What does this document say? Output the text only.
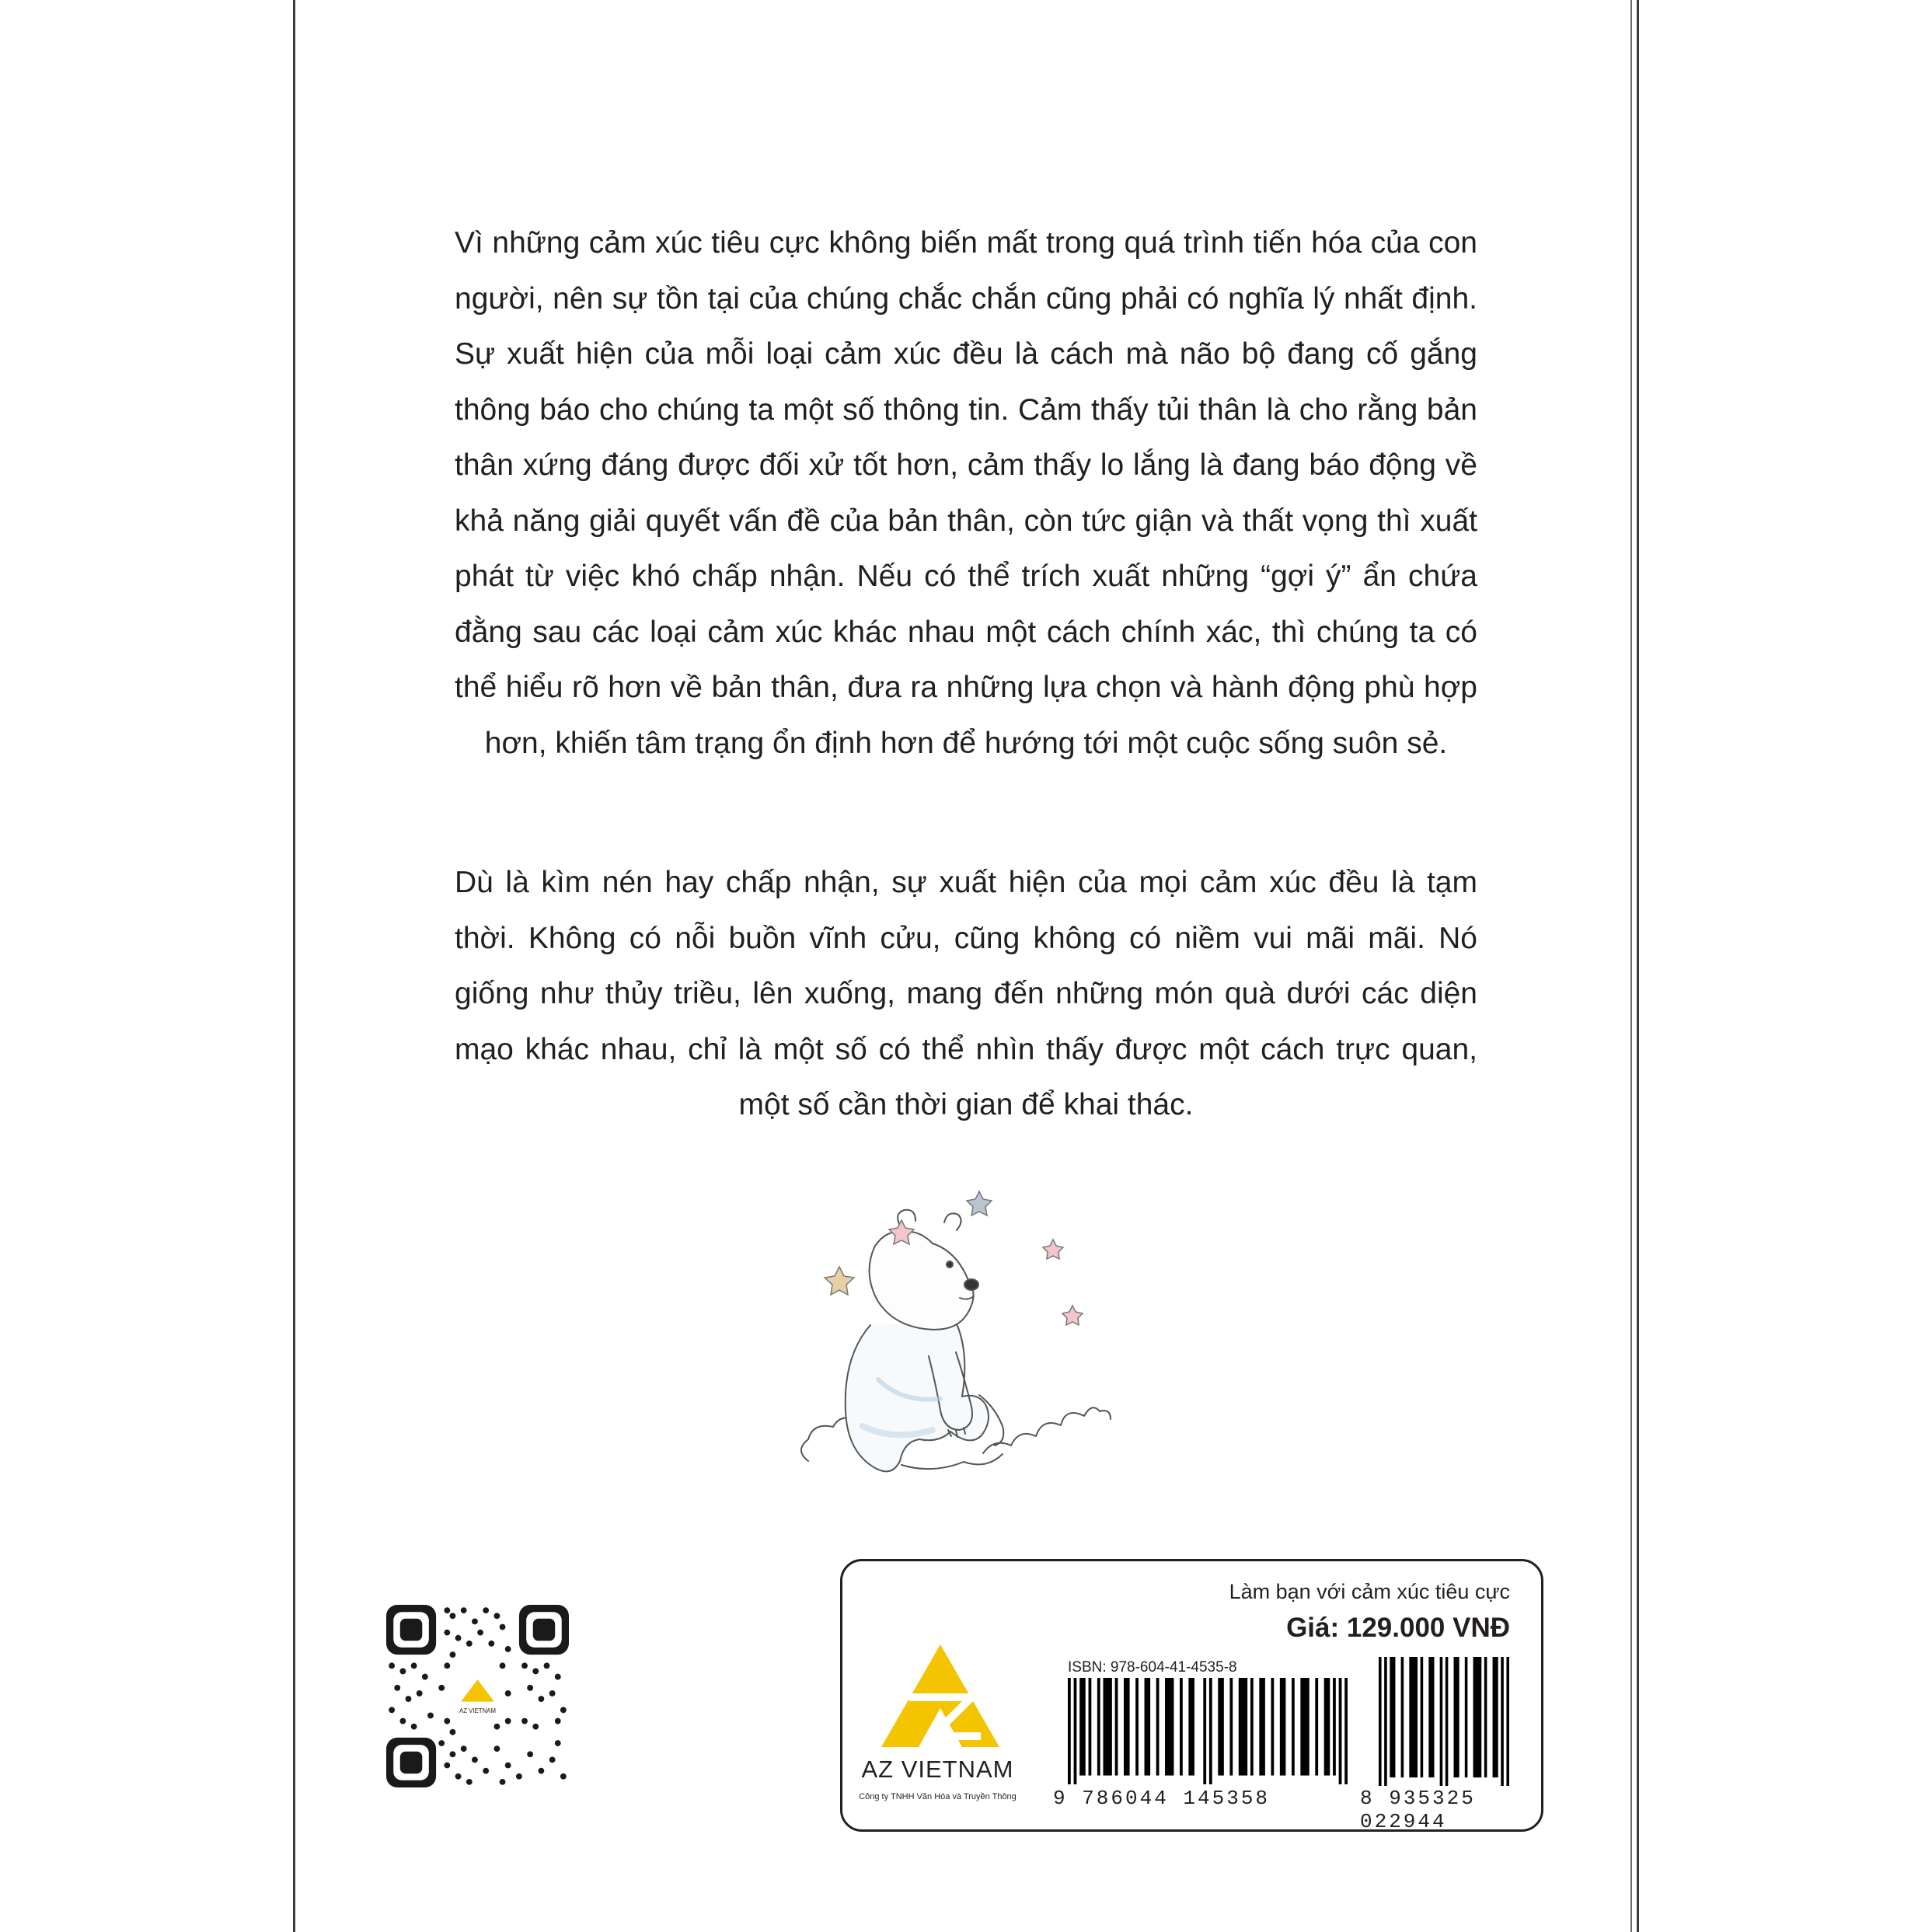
Vì những cảm xúc tiêu cực không biến mất trong quá trình tiến hóa của con người, nên sự tồn tại của chúng chắc chắn cũng phải có nghĩa lý nhất định. Sự xuất hiện của mỗi loại cảm xúc đều là cách mà não bộ đang cố gắng thông báo cho chúng ta một số thông tin. Cảm thấy tủi thân là cho rằng bản thân xứng đáng được đối xử tốt hơn, cảm thấy lo lắng là đang báo động về khả năng giải quyết vấn đề của bản thân, còn tức giận và thất vọng thì xuất phát từ việc khó chấp nhận. Nếu có thể trích xuất những “gợi ý” ẩn chứa đằng sau các loại cảm xúc khác nhau một cách chính xác, thì chúng ta có thể hiểu rõ hơn về bản thân, đưa ra những lựa chọn và hành động phù hợp hơn, khiến tâm trạng ổn định hơn để hướng tới một cuộc sống suôn sẻ.

Dù là kìm nén hay chấp nhận, sự xuất hiện của mọi cảm xúc đều là tạm thời. Không có nỗi buồn vĩnh cửu, cũng không có niềm vui mãi mãi. Nó giống như thủy triều, lên xuống, mang đến những món quà dưới các diện mạo khác nhau, chỉ là một số có thể nhìn thấy được một cách trực quan, một số cần thời gian để khai thác.

AZ VIETNAM
Làm bạn với cảm xúc tiêu cực
Giá: 129.000 VNĐ
AZ VIETNAM
Công ty TNHH Văn Hóa và Truyền Thông
ISBN: 978-604-41-4535-8
9 786044 145358	8 935325 022944
